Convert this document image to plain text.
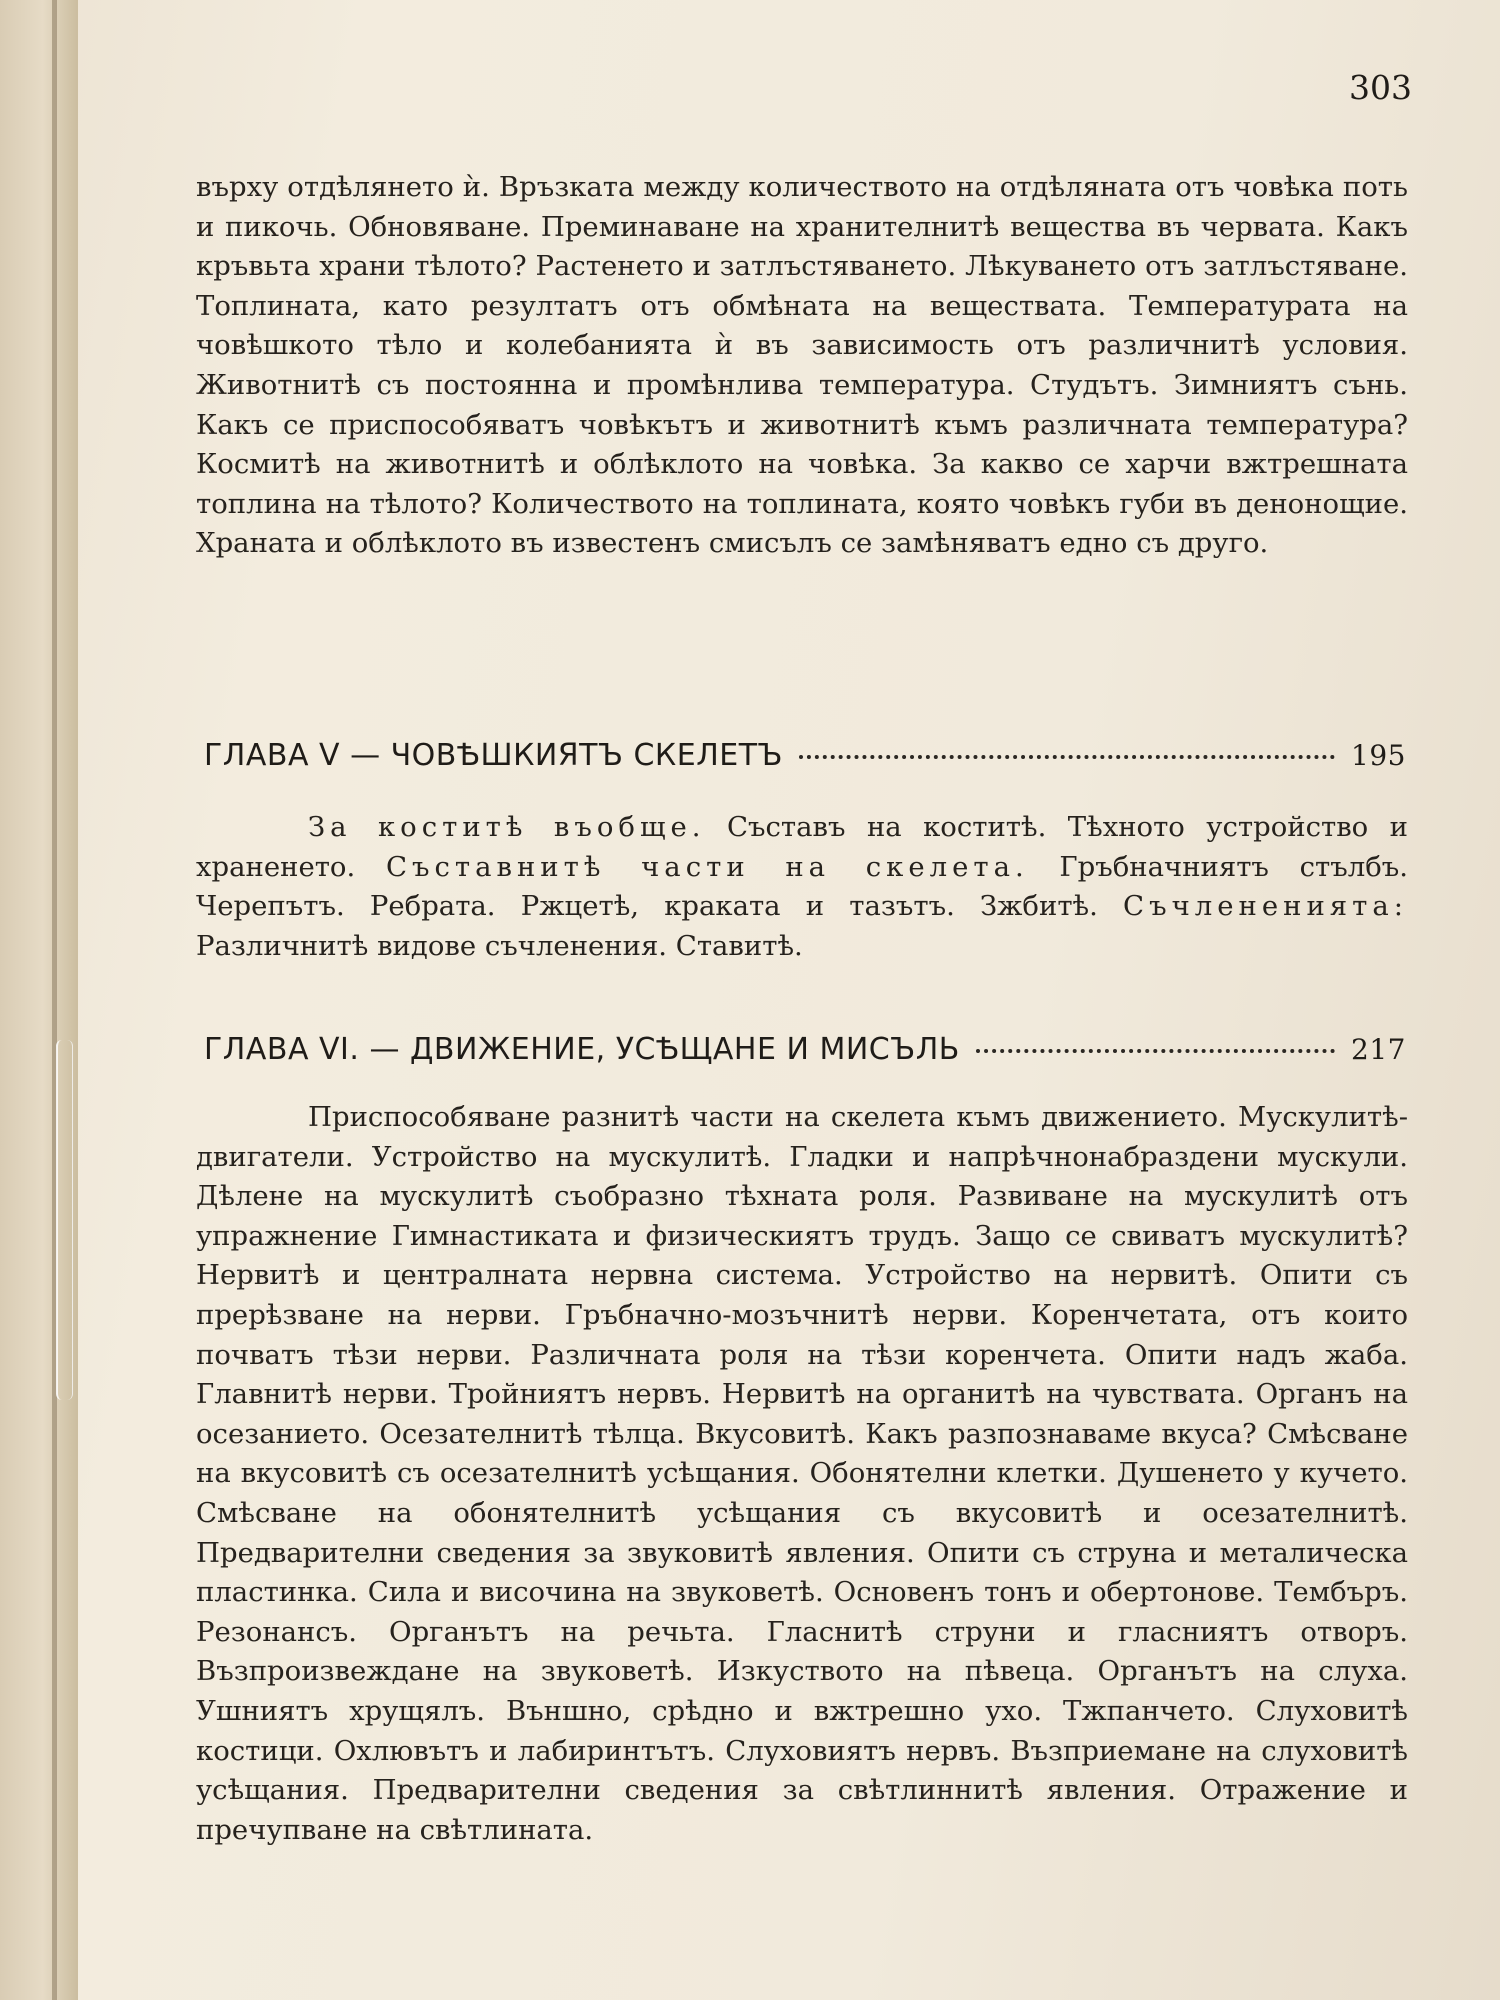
303

върху отдѣлянето ѝ. Връзката между количеството на отдѣляната отъ човѣка поть и пикочь. Обновяване. Преминаване на хранителнитѣ вещества въ червата. Какъ кръвьта храни тѣлото? Растенето и затлъстяването. Лѣкуването отъ затлъстяване. Топлината, като резултатъ отъ обмѣната на веществата. Температурата на човѣшкото тѣло и колебанията ѝ въ зависимость отъ различнитѣ условия. Животнитѣ съ постоянна и промѣнлива температура. Студътъ. Зимниятъ сънь. Какъ се приспособяватъ човѣкътъ и животнитѣ къмъ различната температура? Космитѣ на животнитѣ и облѣклото на човѣка. За какво се харчи вжтрешната топлина на тѣлото? Количеството на топлината, която човѣкъ губи въ денонощие. Храната и облѣклото въ известенъ смисълъ се замѣняватъ едно съ друго.

ГЛАВА V — ЧОВѢШКИЯТЪ СКЕЛЕТЪ	195

За коститѣ въобще. Съставъ на коститѣ. Тѣхното устройство и храненето. Съставнитѣ части на скелета. Гръбначниятъ стълбъ. Черепътъ. Ребрата. Ржцетѣ, краката и тазътъ. Зжбитѣ. Съчлененията: Различнитѣ видове съчленения. Ставитѣ.

ГЛАВА VI. — ДВИЖЕНИЕ, УСѢЩАНЕ И МИСЪЛЬ	217

Приспособяване разнитѣ части на скелета къмъ движението. Мускулитѣ-двигатели. Устройство на мускулитѣ. Гладки и напрѣчнонабраздени мускули. Дѣлене на мускулитѣ съобразно тѣхната роля. Развиване на мускулитѣ отъ упражнение Гимнастиката и физическиятъ трудъ. Защо се свиватъ мускулитѣ? Нервитѣ и централната нервна система. Устройство на нервитѣ. Опити съ прерѣзване на нерви. Гръбначно-мозъчнитѣ нерви. Коренчетата, отъ които почватъ тѣзи нерви. Различната роля на тѣзи коренчета. Опити надъ жаба. Главнитѣ нерви. Тройниятъ нервъ. Нервитѣ на органитѣ на чувствата. Органъ на осезанието. Осезателнитѣ тѣлца. Вкусовитѣ. Какъ разпознаваме вкуса? Смѣсване на вкусовитѣ съ осезателнитѣ усѣщания. Обонятелни клетки. Душенето у кучето. Смѣсване на обонятелнитѣ усѣщания съ вкусовитѣ и осезателнитѣ. Предварителни сведения за звуковитѣ явления. Опити съ струна и металическа пластинка. Сила и височина на звуковетѣ. Основенъ тонъ и обертонове. Тембъръ. Резонансъ. Органътъ на речьта. Гласнитѣ струни и гласниятъ отворъ. Възпроизвеждане на звуковетѣ. Изкуството на пѣвеца. Органътъ на слуха. Ушниятъ хрущялъ. Външно, срѣдно и вжтрешно ухо. Тжпанчето. Слуховитѣ костици. Охлювътъ и лабиринтътъ. Слуховиятъ нервъ. Възприемане на слуховитѣ усѣщания. Предварителни сведения за свѣтлиннитѣ явления. Отражение и пречупване на свѣтлината.
